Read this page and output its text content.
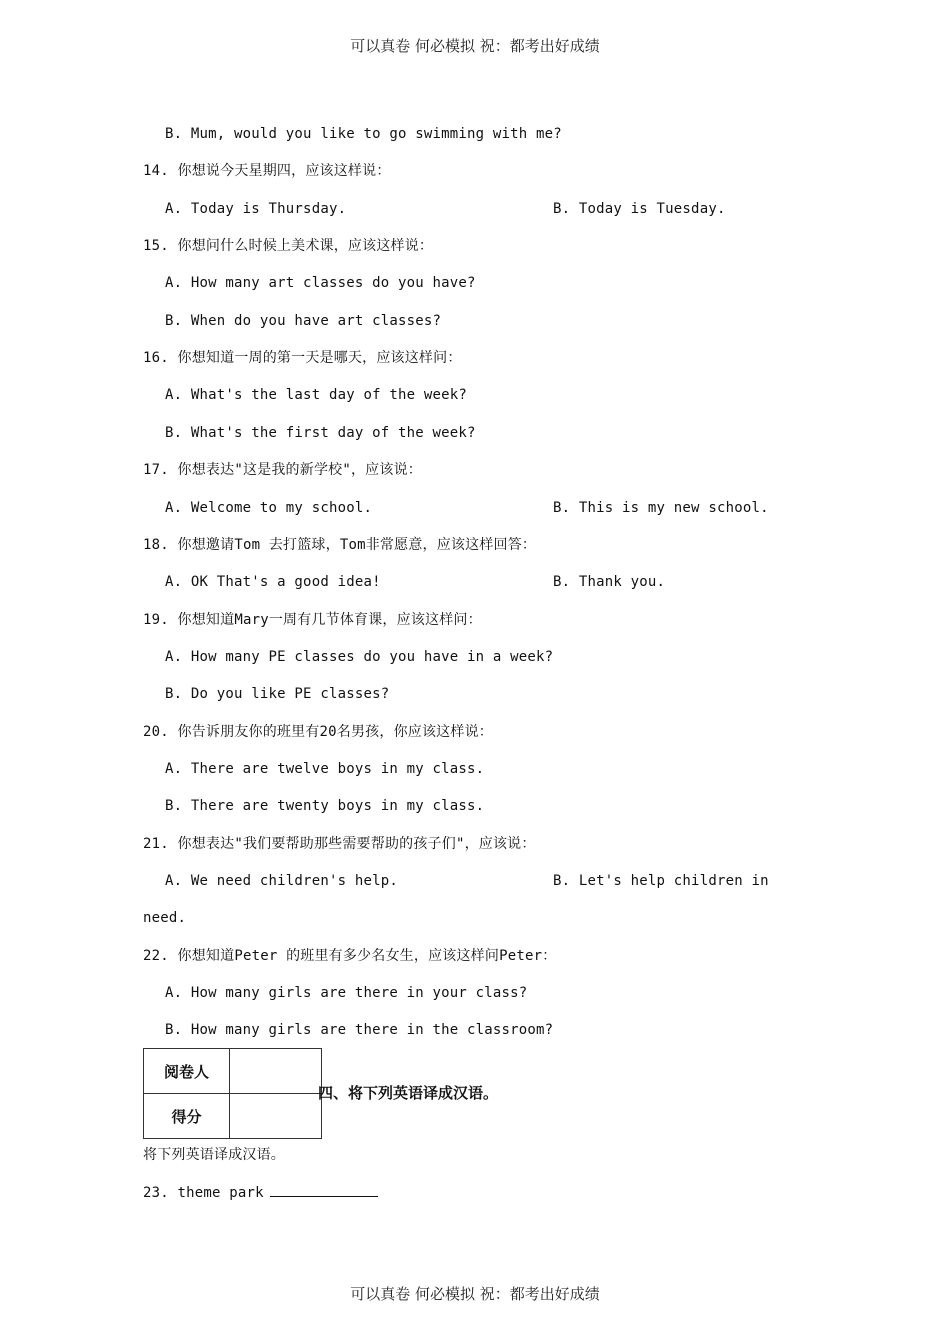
可以真卷 何必模拟 祝：都考出好成绩
B. Mum, would you like to go swimming with me?
14. 你想说今天星期四，应该这样说：
A. Today is Thursday.	B. Today is Tuesday.
15. 你想问什么时候上美术课，应该这样说：
A. How many art classes do you have?
B. When do you have art classes?
16. 你想知道一周的第一天是哪天，应该这样问：
A. What's the last day of the week?
B. What's the first day of the week?
17. 你想表达"这是我的新学校"，应该说：
A. Welcome to my school.	B. This is my new school.
18. 你想邀请Tom 去打篮球，Tom非常愿意，应该这样回答：
A. OK That's a good idea!	B. Thank you.
19. 你想知道Mary一周有几节体育课，应该这样问：
A. How many PE classes do you have in a week?
B. Do you like PE classes?
20. 你告诉朋友你的班里有20名男孩，你应该这样说：
A. There are twelve boys in my class.
B. There are twenty boys in my class.
21. 你想表达"我们要帮助那些需要帮助的孩子们"，应该说：
A. We need children's help.	B. Let's help children in
need.
22. 你想知道Peter 的班里有多少名女生，应该这样问Peter：
A. How many girls are there in your class?
B. How many girls are there in the classroom?
阅卷人	
得分	
四、将下列英语译成汉语。
将下列英语译成汉语。
23. theme park
可以真卷 何必模拟 祝：都考出好成绩
